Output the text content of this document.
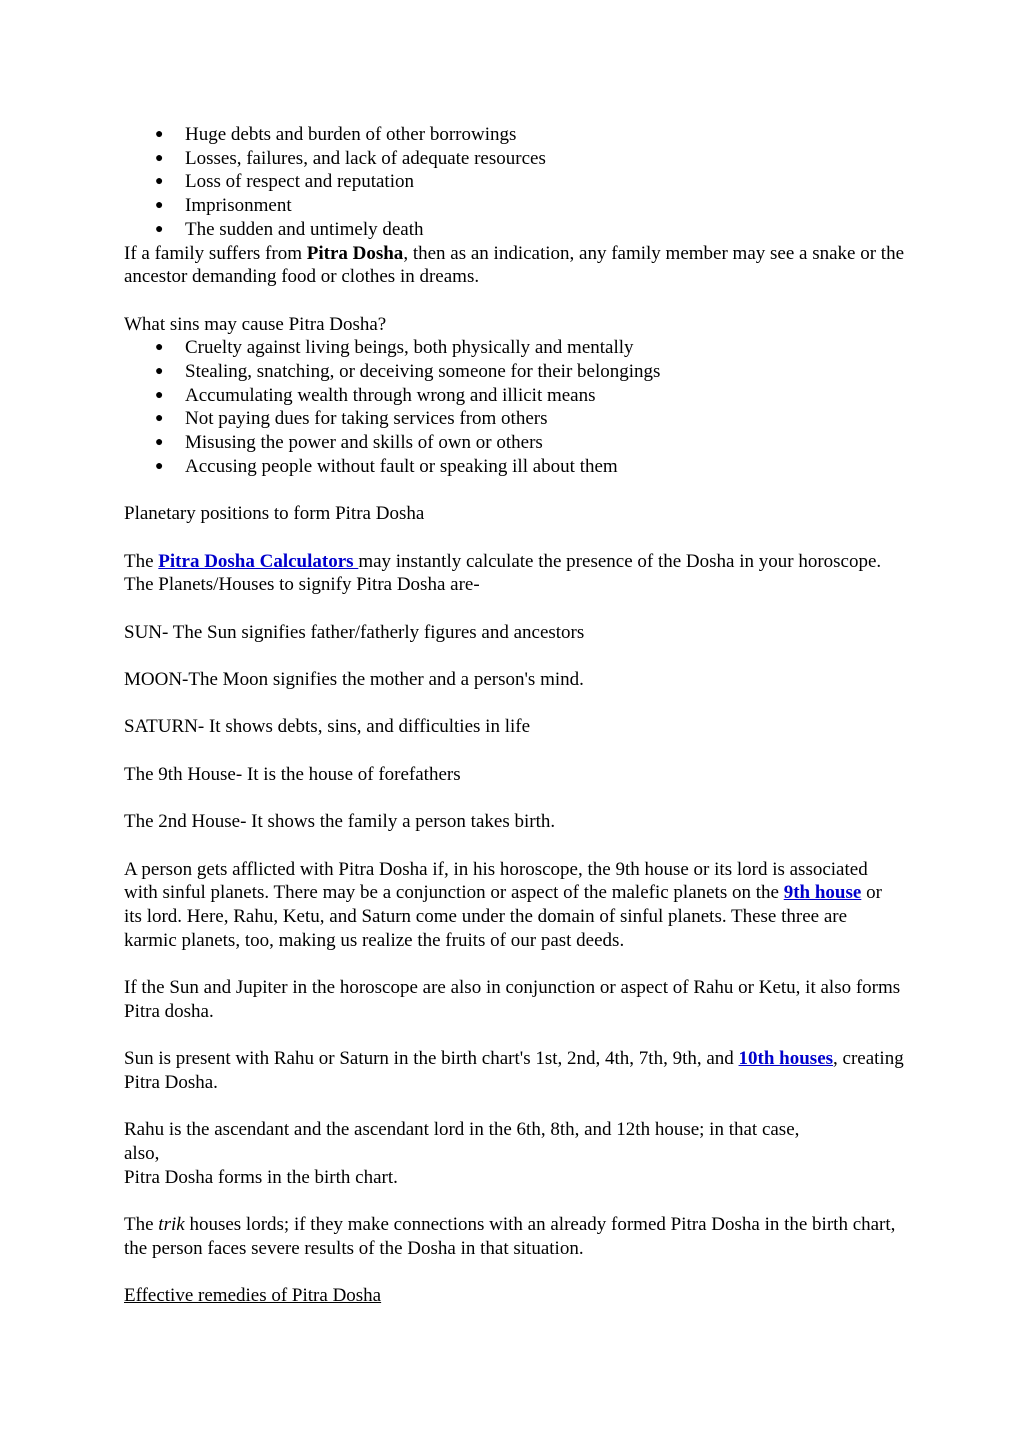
● Huge debts and burden of other borrowings
● Losses, failures, and lack of adequate resources
● Loss of respect and reputation
● Imprisonment
● The sudden and untimely death

If a family suffers from Pitra Dosha, then as an indication, any family member may see a snake or the ancestor demanding food or clothes in dreams.

What sins may cause Pitra Dosha?

● Cruelty against living beings, both physically and mentally
● Stealing, snatching, or deceiving someone for their belongings
● Accumulating wealth through wrong and illicit means
● Not paying dues for taking services from others
● Misusing the power and skills of own or others
● Accusing people without fault or speaking ill about them

Planetary positions to form Pitra Dosha

The Pitra Dosha Calculators may instantly calculate the presence of the Dosha in your horoscope. The Planets/Houses to signify Pitra Dosha are-

SUN- The Sun signifies father/fatherly figures and ancestors

MOON-The Moon signifies the mother and a person's mind.

SATURN- It shows debts, sins, and difficulties in life

The 9th House- It is the house of forefathers

The 2nd House- It shows the family a person takes birth.

A person gets afflicted with Pitra Dosha if, in his horoscope, the 9th house or its lord is associated with sinful planets. There may be a conjunction or aspect of the malefic planets on the 9th house or its lord. Here, Rahu, Ketu, and Saturn come under the domain of sinful planets. These three are karmic planets, too, making us realize the fruits of our past deeds.

If the Sun and Jupiter in the horoscope are also in conjunction or aspect of Rahu or Ketu, it also forms Pitra dosha.

Sun is present with Rahu or Saturn in the birth chart's 1st, 2nd, 4th, 7th, 9th, and 10th houses, creating Pitra Dosha.

Rahu is the ascendant and the ascendant lord in the 6th, 8th, and 12th house; in that case,
also,
Pitra Dosha forms in the birth chart.

The trik houses lords; if they make connections with an already formed Pitra Dosha in the birth chart, the person faces severe results of the Dosha in that situation.

Effective remedies of Pitra Dosha
